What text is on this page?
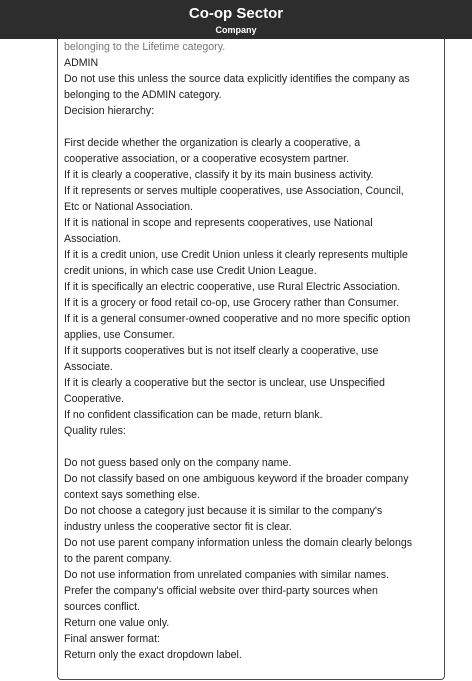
Co-op Sector
Company
belonging to the Lifetime category.
ADMIN
Do not use this unless the source data explicitly identifies the company as
belonging to the ADMIN category.
Decision hierarchy:
First decide whether the organization is clearly a cooperative, a
cooperative association, or a cooperative ecosystem partner.
If it is clearly a cooperative, classify it by its main business activity.
If it represents or serves multiple cooperatives, use Association, Council,
Etc or National Association.
If it is national in scope and represents cooperatives, use National
Association.
If it is a credit union, use Credit Union unless it clearly represents multiple
credit unions, in which case use Credit Union League.
If it is specifically an electric cooperative, use Rural Electric Association.
If it is a grocery or food retail co-op, use Grocery rather than Consumer.
If it is a general consumer-owned cooperative and no more specific option
applies, use Consumer.
If it supports cooperatives but is not itself clearly a cooperative, use
Associate.
If it is clearly a cooperative but the sector is unclear, use Unspecified
Cooperative.
If no confident classification can be made, return blank.
Quality rules:
Do not guess based only on the company name.
Do not classify based on one ambiguous keyword if the broader company
context says something else.
Do not choose a category just because it is similar to the company's
industry unless the cooperative sector fit is clear.
Do not use parent company information unless the domain clearly belongs
to the parent company.
Do not use information from unrelated companies with similar names.
Prefer the company's official website over third-party sources when
sources conflict.
Return one value only.
Final answer format:
Return only the exact dropdown label.
